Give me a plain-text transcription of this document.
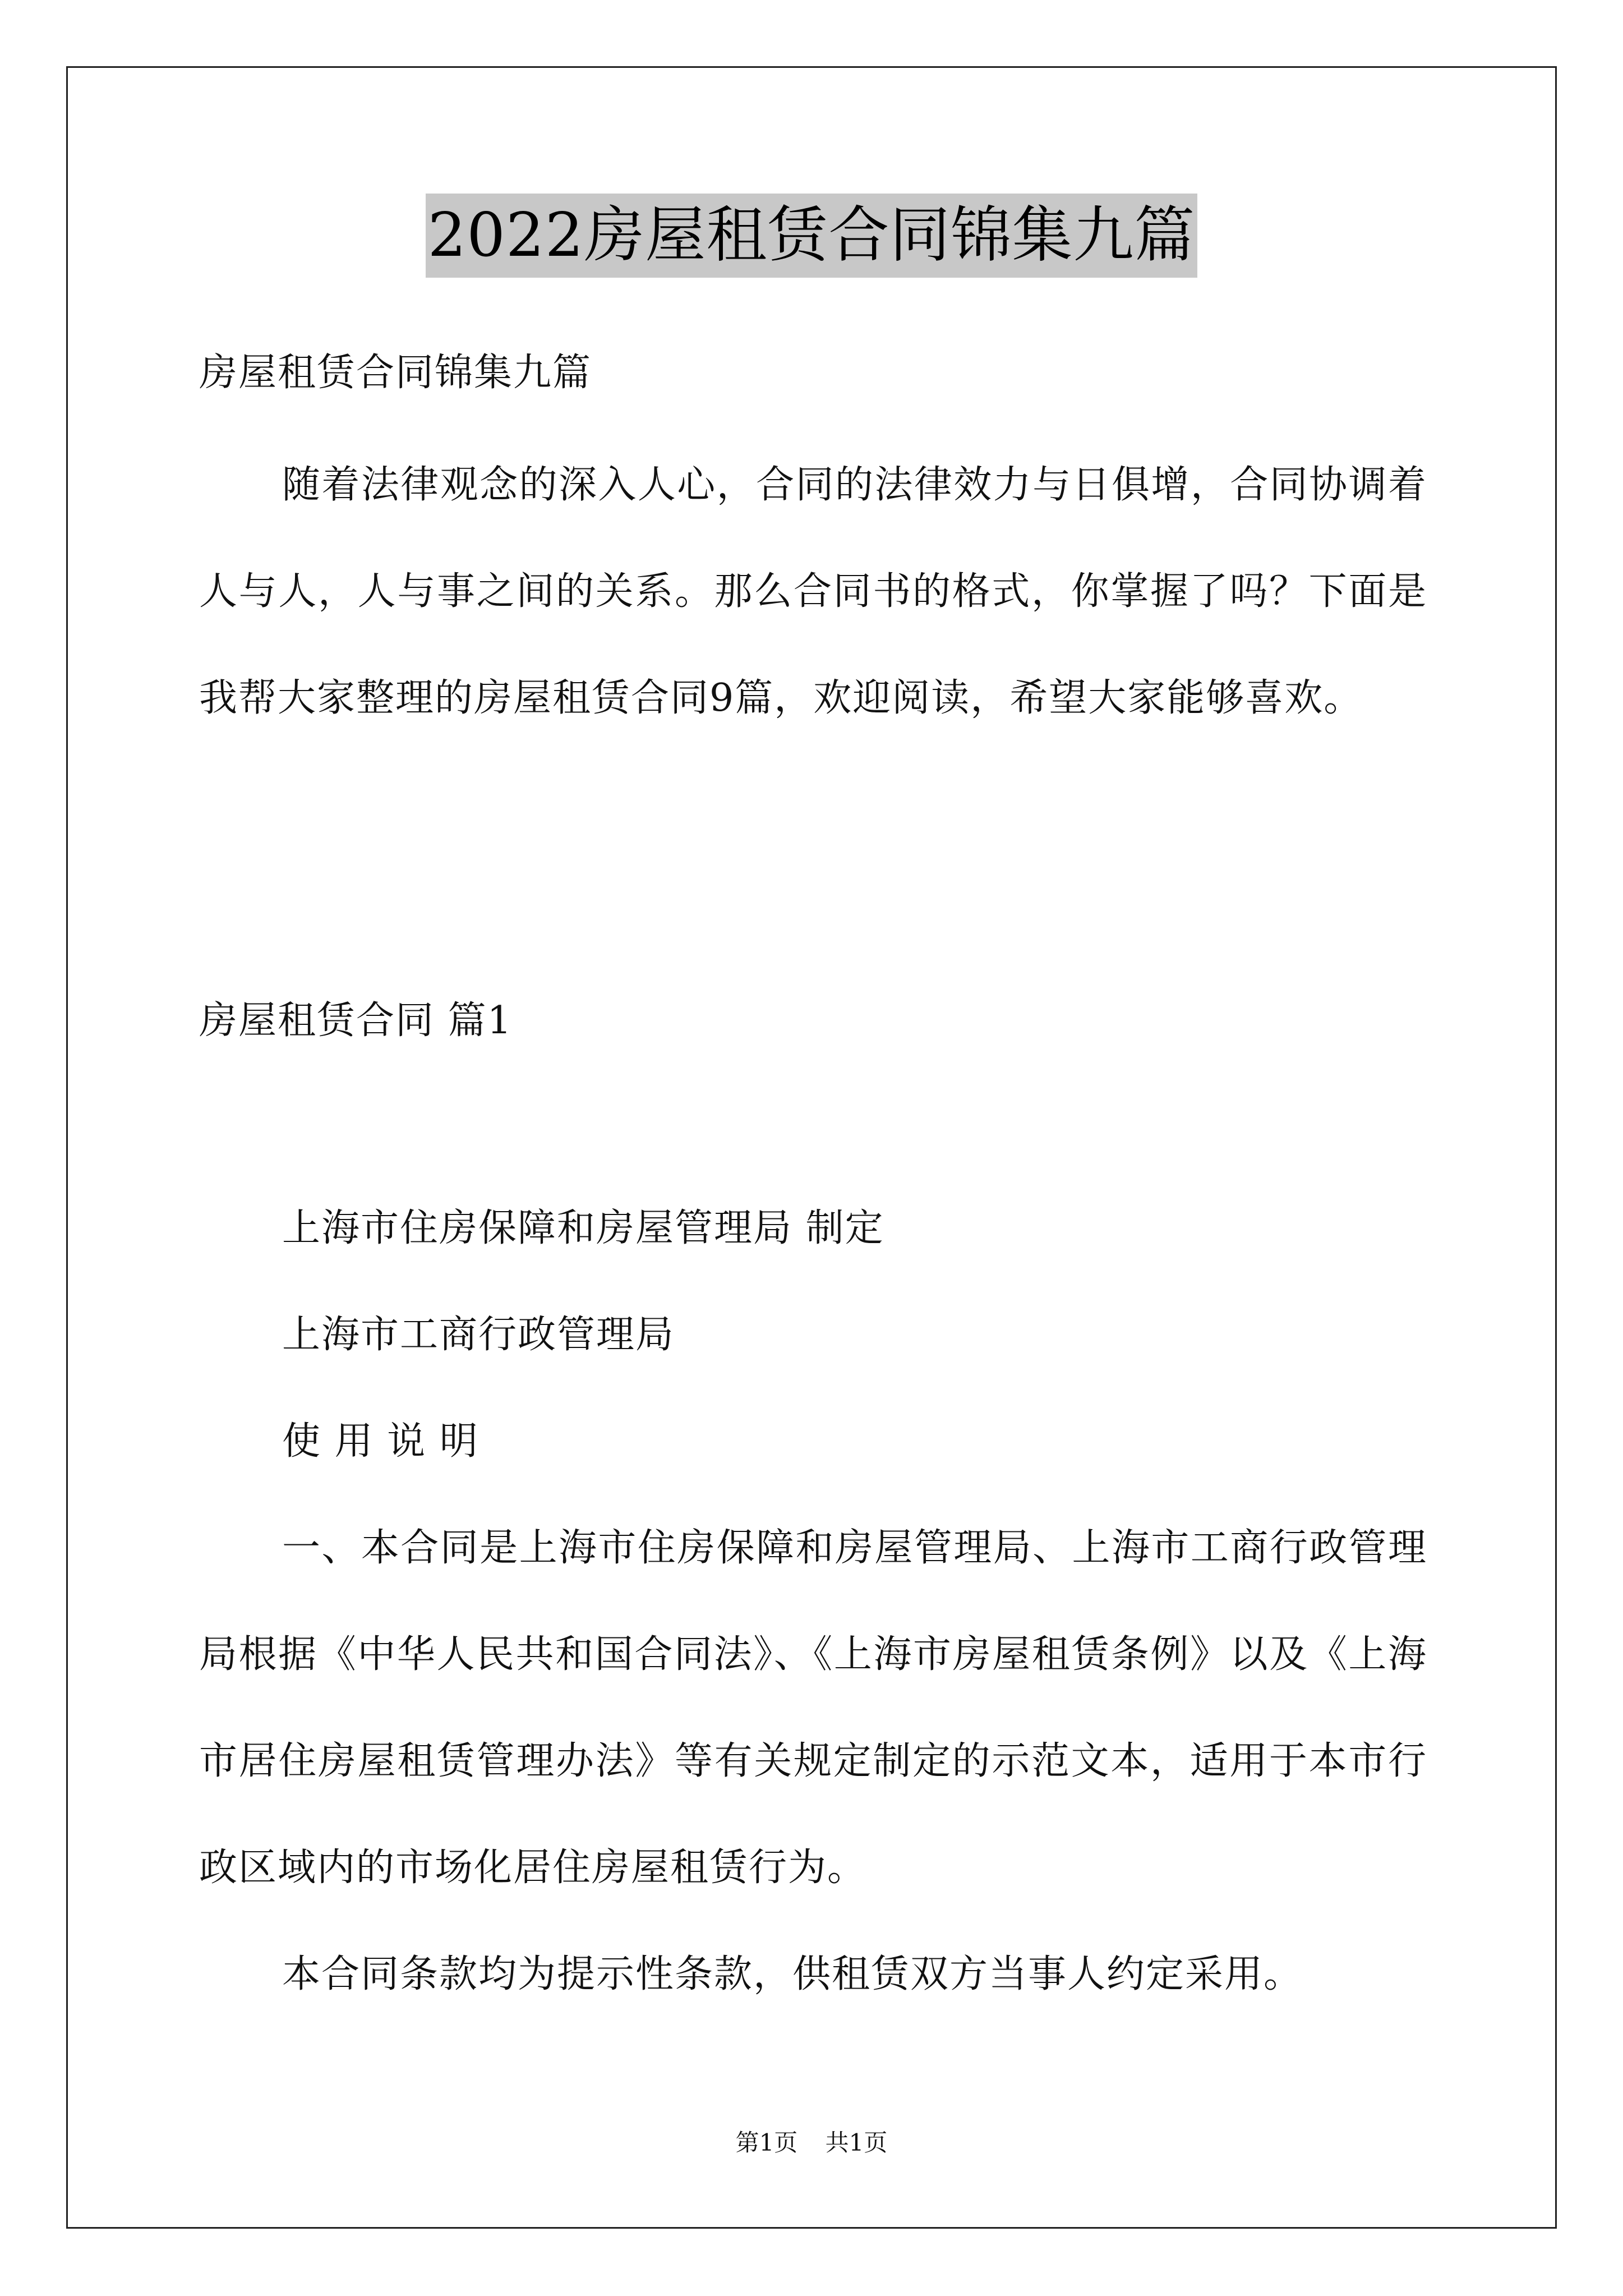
2022房屋租赁合同锦集九篇

房屋租赁合同锦集九篇

随着法律观念的深入人心，合同的法律效力与日俱增，合同协调着人与人，人与事之间的关系。那么合同书的格式，你掌握了吗？下面是我帮大家整理的房屋租赁合同9篇，欢迎阅读，希望大家能够喜欢。

房屋租赁合同 篇1

上海市住房保障和房屋管理局 制定

上海市工商行政管理局

使 用 说 明

一、本合同是上海市住房保障和房屋管理局、上海市工商行政管理局根据《中华人民共和国合同法》、《上海市房屋租赁条例》以及《上海市居住房屋租赁管理办法》等有关规定制定的示范文本，适用于本市行政区域内的市场化居住房屋租赁行为。

本合同条款均为提示性条款，供租赁双方当事人约定采用。

第1页 共1页
